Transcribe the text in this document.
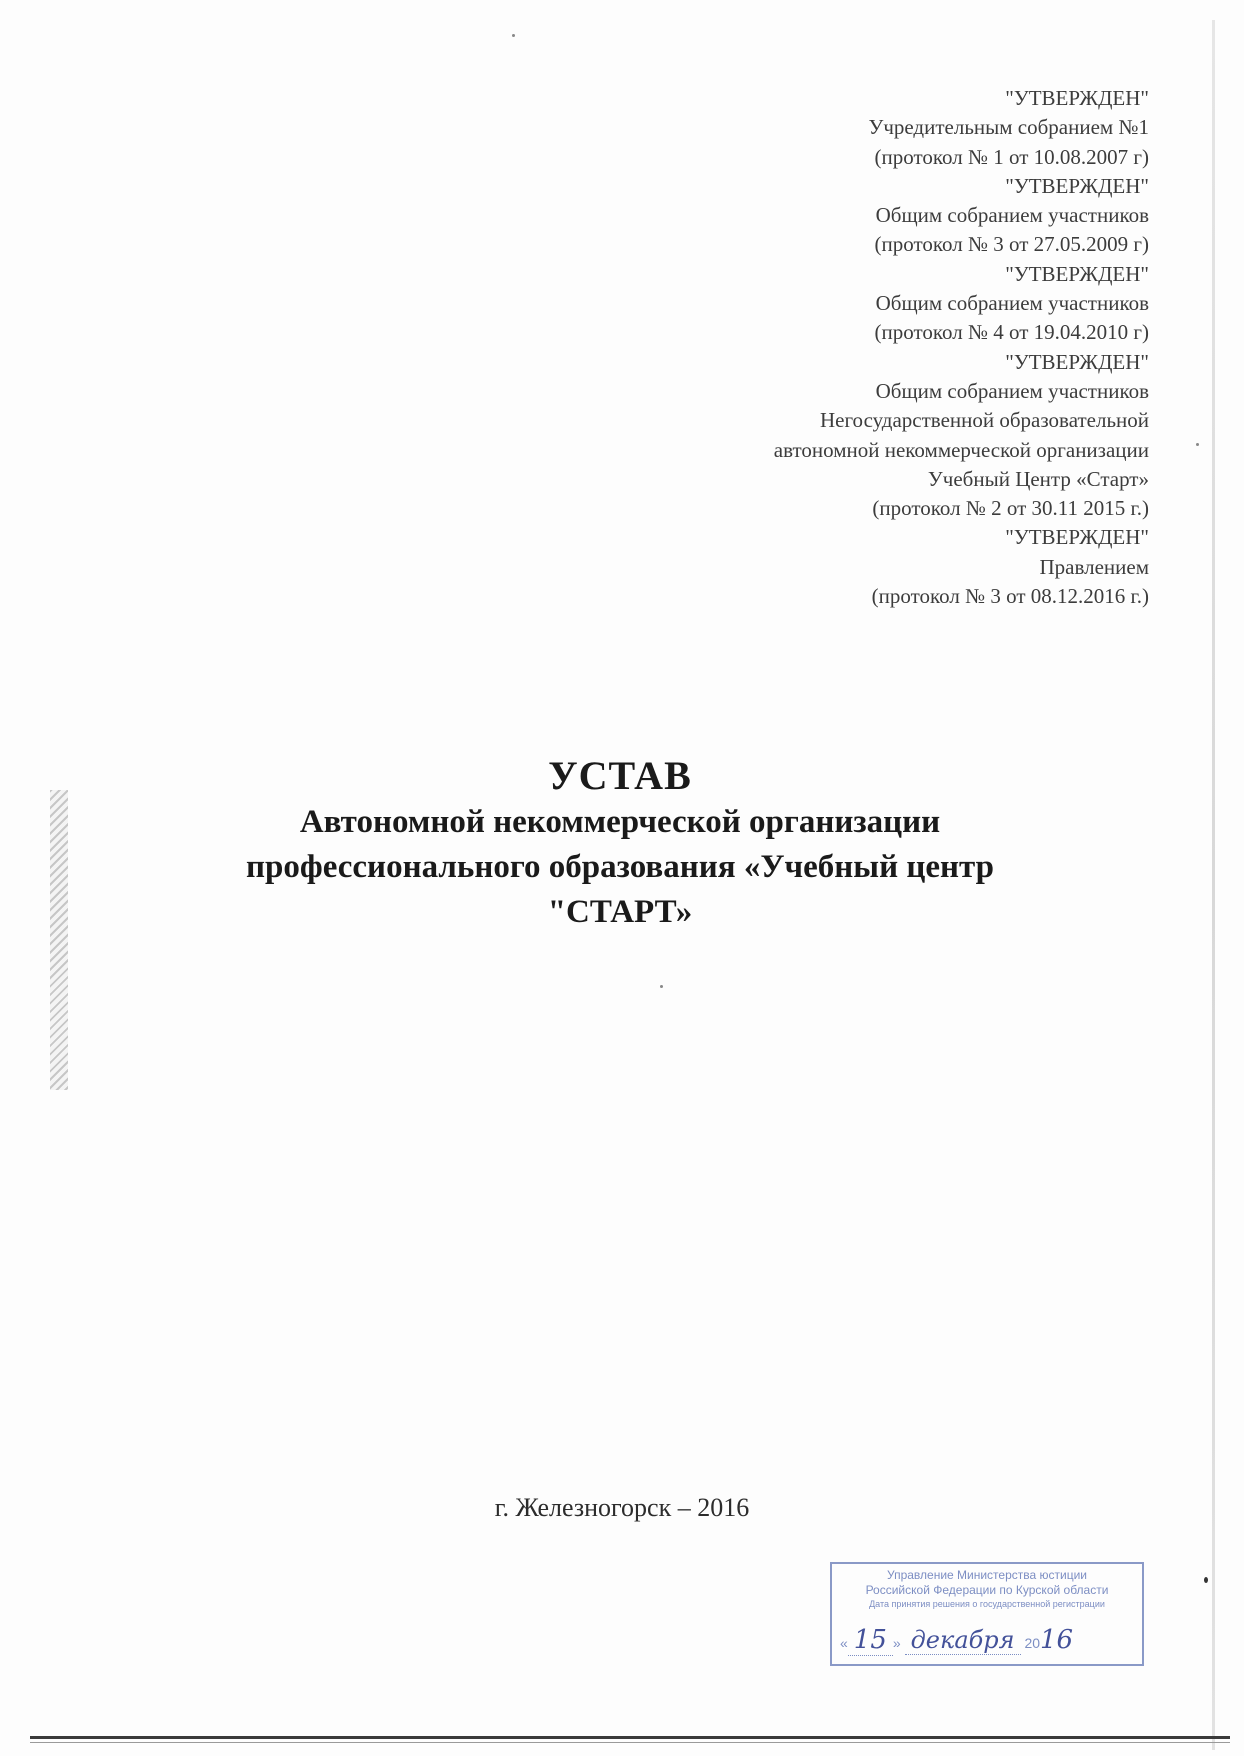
"УТВЕРЖДЕН"
Учредительным собранием №1
(протокол № 1 от 10.08.2007 г)
"УТВЕРЖДЕН"
Общим собранием участников
(протокол № 3 от 27.05.2009 г)
"УТВЕРЖДЕН"
Общим собранием участников
(протокол № 4 от 19.04.2010 г)
"УТВЕРЖДЕН"
Общим собранием участников
Негосударственной образовательной
автономной некоммерческой организации
Учебный Центр «Старт»
(протокол № 2 от 30.11 2015 г.)
"УТВЕРЖДЕН"
Правлением
(протокол № 3 от 08.12.2016 г.)
УСТАВ
Автономной некоммерческой организации
профессионального образования «Учебный центр
"СТАРТ»
г. Железногорск – 2016
Управление Министерства юстиции
Российской Федерации по Курской области
Дата принятия решения о государственной регистрации
« 15 » декабря 2016
